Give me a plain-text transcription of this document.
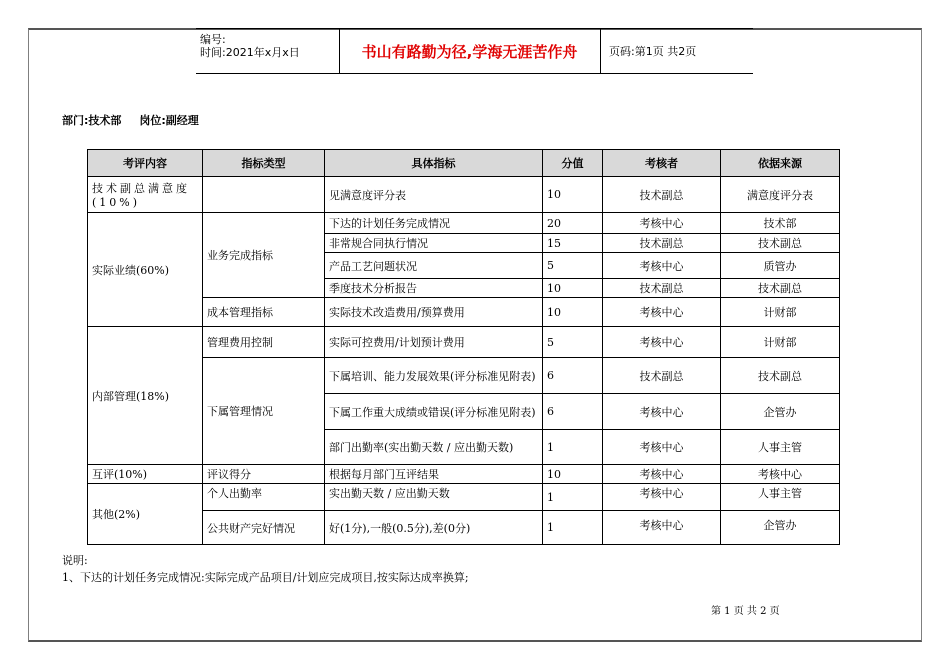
编号:
时间:2021年x月x日	书山有路勤为径,学海无涯苦作舟	页码:第1页 共2页
部门:技术部 岗位:副经理
考评内容	指标类型	具体指标	分值	考核者	依据来源
技术副总满意度(10%)		见满意度评分表	10	技术副总	满意度评分表
实际业绩(60%)	业务完成指标	下达的计划任务完成情况	20	考核中心	技术部
		非常规合同执行情况	15	技术副总	技术副总
		产品工艺问题状况	5	考核中心	质管办
		季度技术分析报告	10	技术副总	技术副总
	成本管理指标	实际技术改造费用/预算费用	10	考核中心	计财部
内部管理(18%)	管理费用控制	实际可控费用/计划预计费用	5	考核中心	计财部
	下属管理情况	下属培训、能力发展效果(评分标准见附表)	6	技术副总	技术副总
		下属工作重大成绩或错误(评分标准见附表)	6	考核中心	企管办
		部门出勤率(实出勤天数 / 应出勤天数)	1	考核中心	人事主管
互评(10%)	评议得分	根据每月部门互评结果	10	考核中心	考核中心
其他(2%)	个人出勤率	实出勤天数 / 应出勤天数	1	考核中心	人事主管
	公共财产完好情况	好(1分),一般(0.5分),差(0分)	1	考核中心	企管办
说明:
1、下达的计划任务完成情况:实际完成产品项目/计划应完成项目,按实际达成率换算;
第 1 页 共 2 页
